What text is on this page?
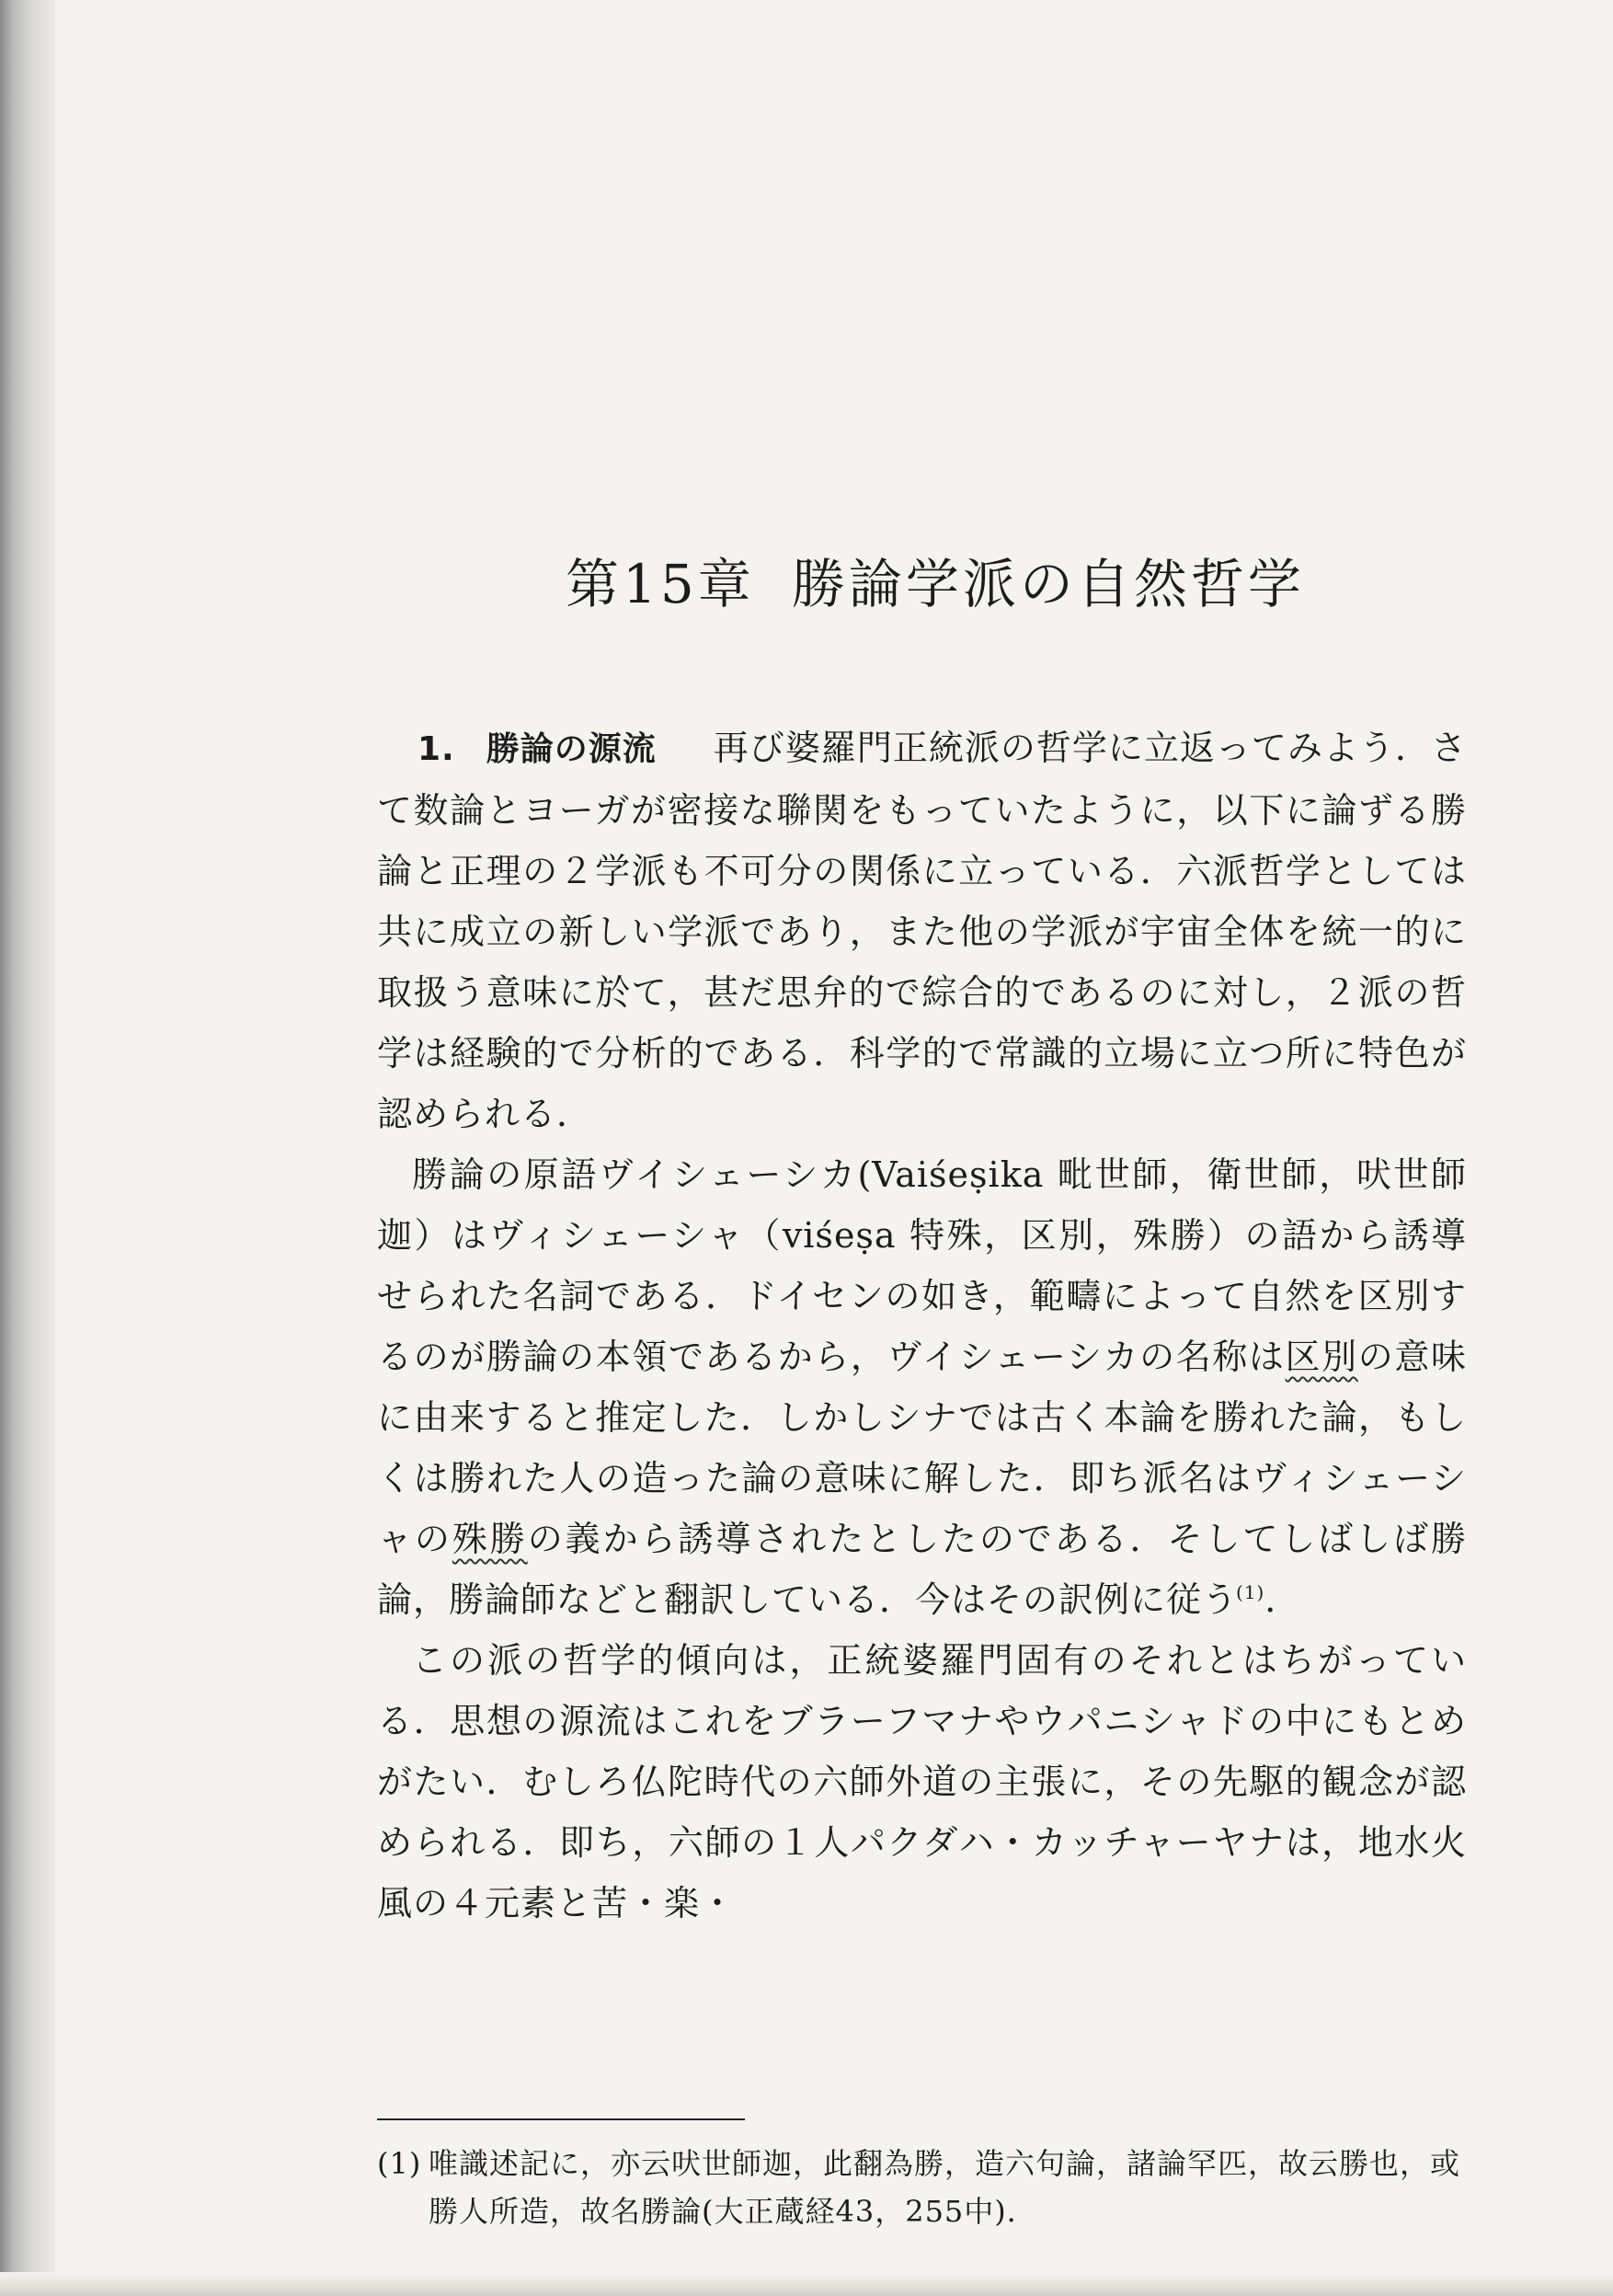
第15章 勝論学派の自然哲学

1. 勝論の源流 再び婆羅門正統派の哲学に立返ってみよう．さて数論とヨーガが密接な聯関をもっていたように，以下に論ずる勝論と正理の２学派も不可分の関係に立っている．六派哲学としては共に成立の新しい学派であり，また他の学派が宇宙全体を統一的に取扱う意味に於て，甚だ思弁的で綜合的であるのに対し，２派の哲学は経験的で分析的である．科学的で常識的立場に立つ所に特色が認められる．

勝論の原語ヴイシェーシカ(Vaiśeṣika 毗世師，衛世師，吠世師迦）はヴィシェーシャ（viśeṣa 特殊，区別，殊勝）の語から誘導せられた名詞である．ドイセンの如き，範疇によって自然を区別するのが勝論の本領であるから，ヴイシェーシカの名称は区別の意味に由来すると推定した．しかしシナでは古く本論を勝れた論，もしくは勝れた人の造った論の意味に解した．即ち派名はヴィシェーシャの殊勝の義から誘導されたとしたのである．そしてしばしば勝論，勝論師などと翻訳している．今はその訳例に従う$^{(1)}$．

この派の哲学的傾向は，正統婆羅門固有のそれとはちがっている．思想の源流はこれをブラーフマナやウパニシャドの中にもとめがたい．むしろ仏陀時代の六師外道の主張に，その先駆的観念が認められる．即ち，六師の１人パクダハ・カッチャーヤナは，地水火風の４元素と苦・楽・

(1) 唯識述記に，亦云吠世師迦，此翻為勝，造六句論，諸論罕匹，故云勝也，或
勝人所造，故名勝論(大正蔵経43，255中)．
